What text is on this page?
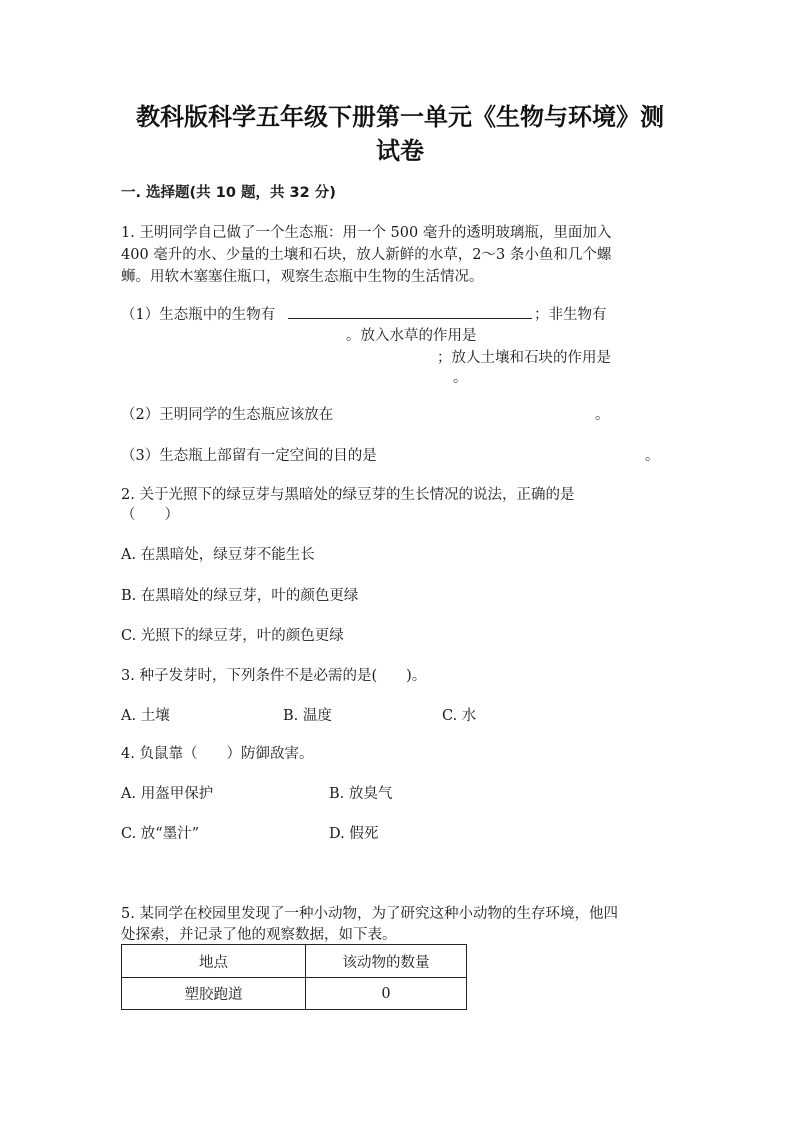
教科版科学五年级下册第一单元《生物与环境》测
试卷
一. 选择题(共 10 题，共 32 分)
1. 王明同学自己做了一个生态瓶：用一个 500 毫升的透明玻璃瓶，里面加入
400 毫升的水、少量的土壤和石块，放人新鲜的水草，2～3 条小鱼和几个螺
蛳。用软木塞塞住瓶口，观察生态瓶中生物的生活情况。
（1）生态瓶中的生物有	；非生物有
。放入水草的作用是
；放人土壤和石块的作用是
。
（2）王明同学的生态瓶应该放在	。
（3）生态瓶上部留有一定空间的目的是	。
2. 关于光照下的绿豆芽与黑暗处的绿豆芽的生长情况的说法，正确的是
（　　）
A. 在黑暗处，绿豆芽不能生长
B. 在黑暗处的绿豆芽，叶的颜色更绿
C. 光照下的绿豆芽，叶的颜色更绿
3. 种子发芽时，下列条件不是必需的是(　　)。
A. 土壤	B. 温度	C. 水
4. 负鼠靠（　　）防御敌害。
A. 用盔甲保护	B. 放臭气
C. 放“墨汁”	D. 假死
5. 某同学在校园里发现了一种小动物，为了研究这种小动物的生存环境，他四
处探索，并记录了他的观察数据，如下表。
地点	该动物的数量
塑胶跑道	0
